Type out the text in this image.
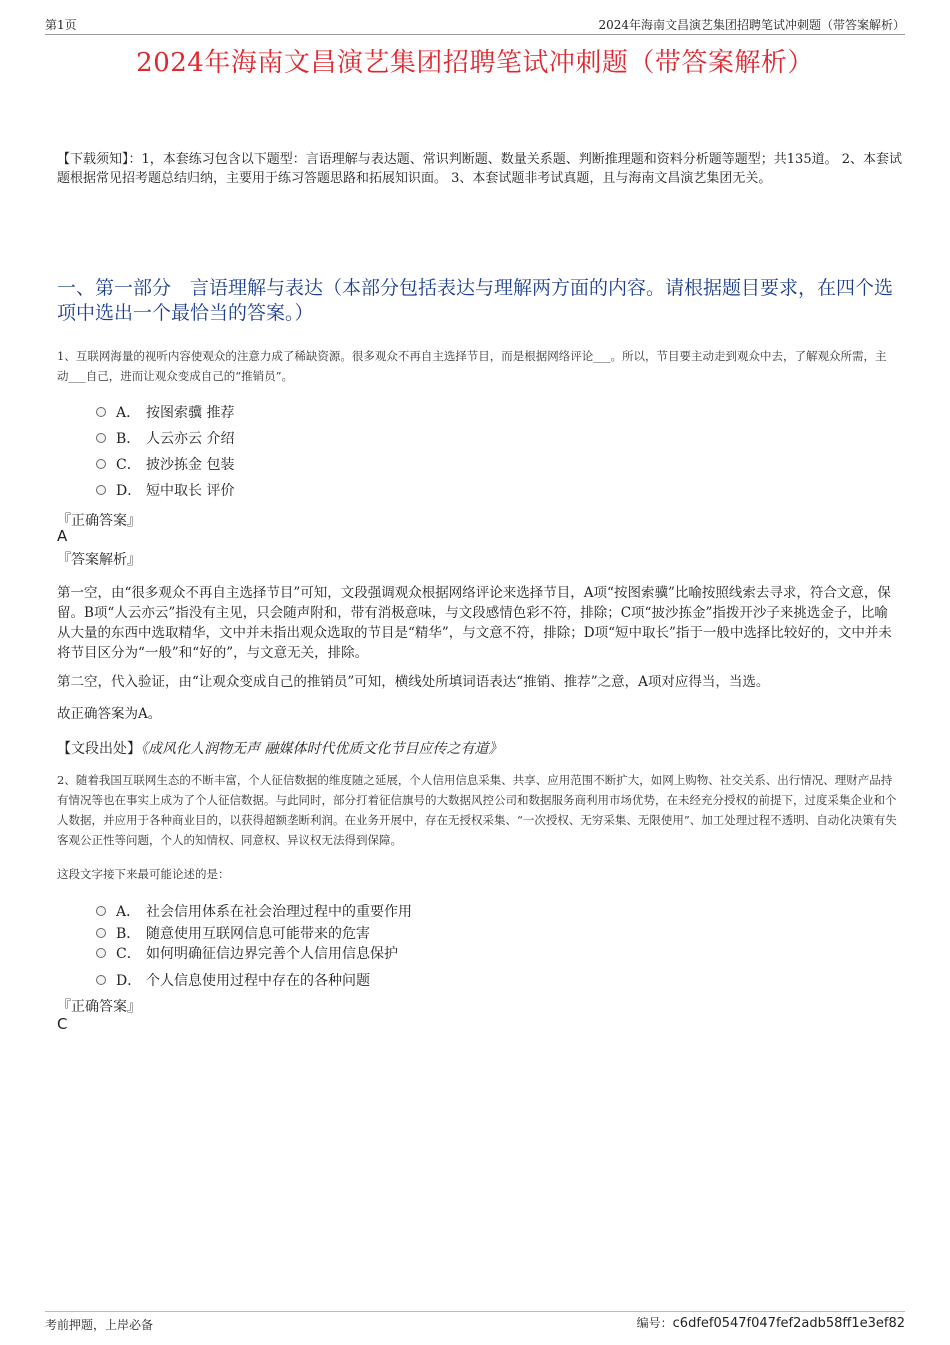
第1页	2024年海南文昌演艺集团招聘笔试冲刺题（带答案解析）
2024年海南文昌演艺集团招聘笔试冲刺题（带答案解析）
【下载须知】：1，本套练习包含以下题型：言语理解与表达题、常识判断题、数量关系题、判断推理题和资料分析题等题型；共135道。 2、本套试题根据常见招考题总结归纳，主要用于练习答题思路和拓展知识面。 3、本套试题非考试真题，且与海南文昌演艺集团无关。
一、第一部分　言语理解与表达（本部分包括表达与理解两方面的内容。请根据题目要求，在四个选项中选出一个最恰当的答案。）
1、互联网海量的视听内容使观众的注意力成了稀缺资源。很多观众不再自主选择节目，而是根据网络评论___。所以，节目要主动走到观众中去，了解观众所需，主动___自己，进而让观众变成自己的“推销员”。
A． 按图索骥 推荐
B． 人云亦云 介绍
C． 披沙拣金 包装
D． 短中取长 评价
『正确答案』
A
『答案解析』
第一空，由“很多观众不再自主选择节目”可知，文段强调观众根据网络评论来选择节目，A项“按图索骥”比喻按照线索去寻求，符合文意，保留。B项“人云亦云”指没有主见，只会随声附和，带有消极意味，与文段感情色彩不符，排除；C项“披沙拣金”指拨开沙子来挑选金子，比喻从大量的东西中选取精华，文中并未指出观众选取的节目是“精华”，与文意不符，排除；D项“短中取长”指于一般中选择比较好的，文中并未将节目区分为“一般”和“好的”，与文意无关，排除。
第二空，代入验证，由“让观众变成自己的推销员”可知，横线处所填词语表达“推销、推荐”之意，A项对应得当，当选。
故正确答案为A。
【文段出处】《成风化人润物无声 融媒体时代优质文化节目应传之有道》
2、随着我国互联网生态的不断丰富，个人征信数据的维度随之延展，个人信用信息采集、共享、应用范围不断扩大，如网上购物、社交关系、出行情况、理财产品持有情况等也在事实上成为了个人征信数据。与此同时，部分打着征信旗号的大数据风控公司和数据服务商利用市场优势，在未经充分授权的前提下，过度采集企业和个人数据，并应用于各种商业目的，以获得超额垄断利润。在业务开展中，存在无授权采集、“一次授权、无穷采集、无限使用”、加工处理过程不透明、自动化决策有失客观公正性等问题，个人的知情权、同意权、异议权无法得到保障。
这段文字接下来最可能论述的是：
A． 社会信用体系在社会治理过程中的重要作用
B． 随意使用互联网信息可能带来的危害
C． 如何明确征信边界完善个人信用信息保护
D． 个人信息使用过程中存在的各种问题
『正确答案』
C
考前押题，上岸必备	编号：c6dfef0547f047fef2adb58ff1e3ef82
